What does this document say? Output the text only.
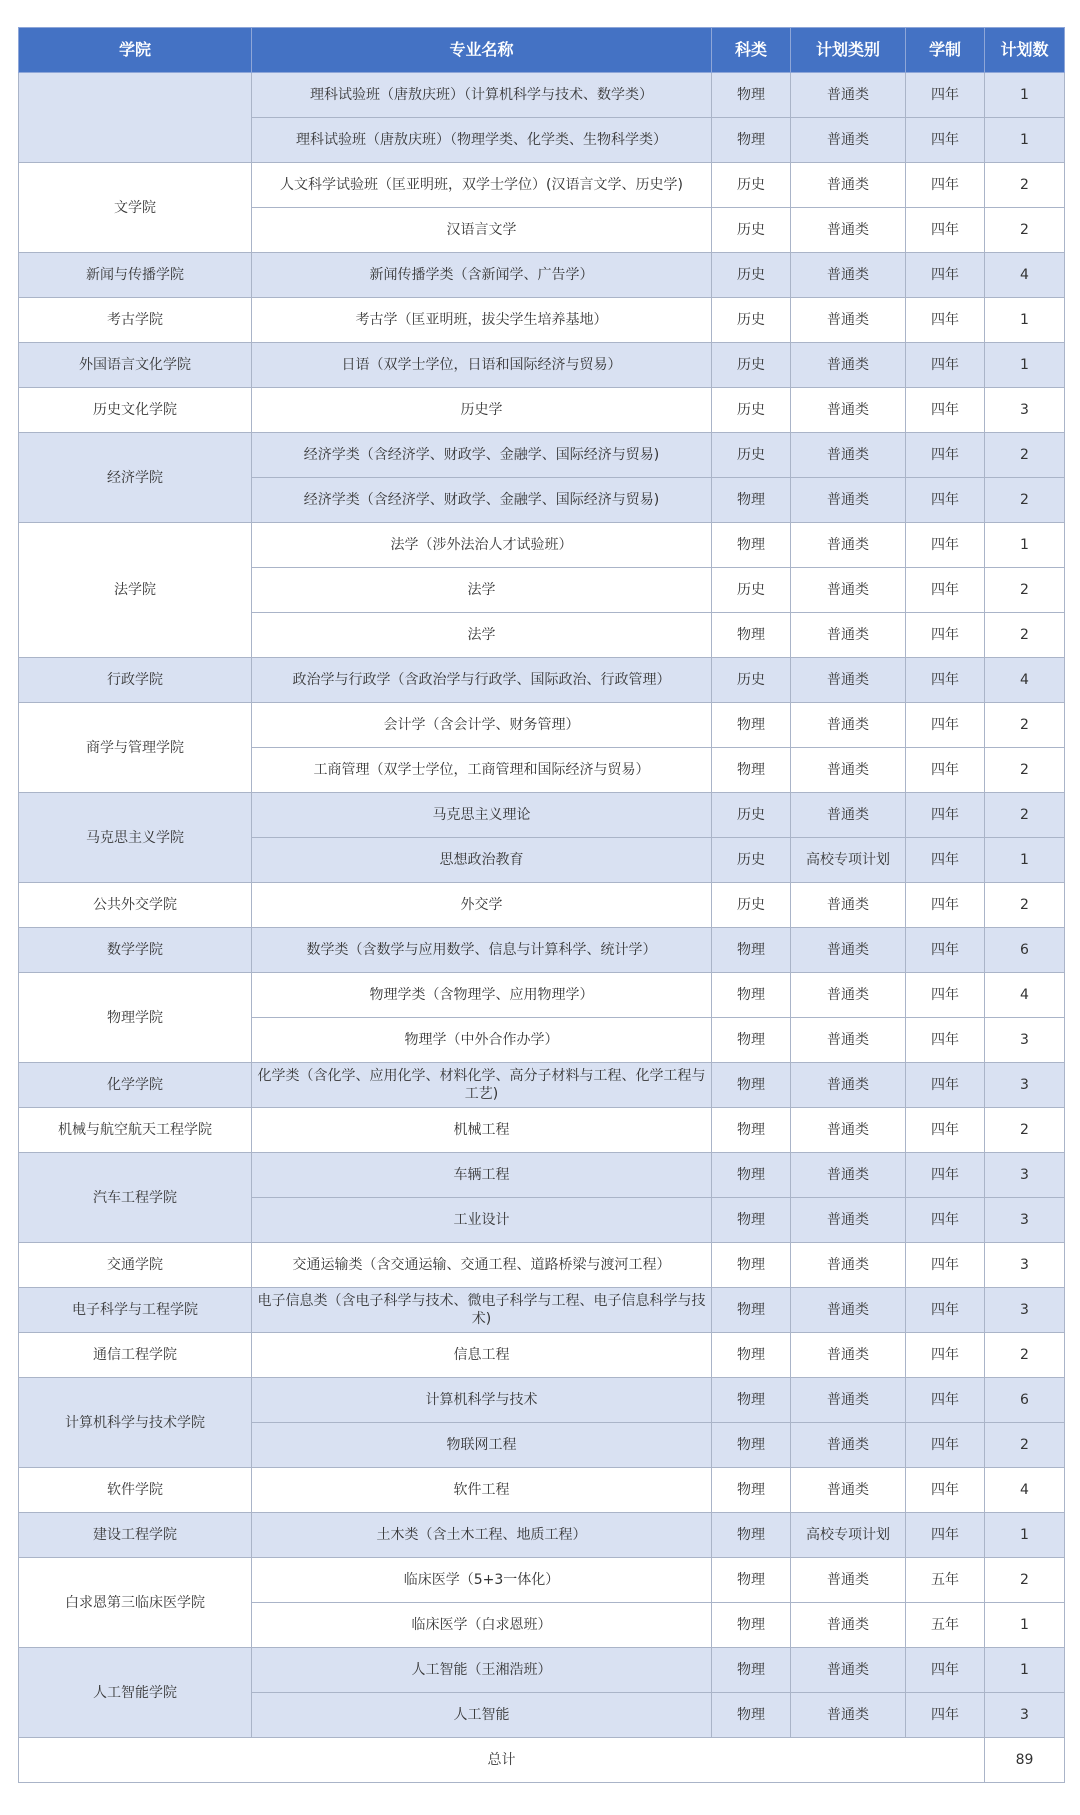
学院	专业名称	科类	计划类别	学制	计划数
	理科试验班（唐敖庆班）（计算机科学与技术、数学类）	物理	普通类	四年	1
	理科试验班（唐敖庆班）（物理学类、化学类、生物科学类）	物理	普通类	四年	1
文学院	人文科学试验班（匡亚明班，双学士学位）(汉语言文学、历史学)	历史	普通类	四年	2
	汉语言文学	历史	普通类	四年	2
新闻与传播学院	新闻传播学类（含新闻学、广告学）	历史	普通类	四年	4
考古学院	考古学（匡亚明班，拔尖学生培养基地）	历史	普通类	四年	1
外国语言文化学院	日语（双学士学位，日语和国际经济与贸易）	历史	普通类	四年	1
历史文化学院	历史学	历史	普通类	四年	3
经济学院	经济学类（含经济学、财政学、金融学、国际经济与贸易)	历史	普通类	四年	2
	经济学类（含经济学、财政学、金融学、国际经济与贸易)	物理	普通类	四年	2
法学院	法学（涉外法治人才试验班）	物理	普通类	四年	1
	法学	历史	普通类	四年	2
	法学	物理	普通类	四年	2
行政学院	政治学与行政学（含政治学与行政学、国际政治、行政管理）	历史	普通类	四年	4
商学与管理学院	会计学（含会计学、财务管理）	物理	普通类	四年	2
	工商管理（双学士学位，工商管理和国际经济与贸易）	物理	普通类	四年	2
马克思主义学院	马克思主义理论	历史	普通类	四年	2
	思想政治教育	历史	高校专项计划	四年	1
公共外交学院	外交学	历史	普通类	四年	2
数学学院	数学类（含数学与应用数学、信息与计算科学、统计学）	物理	普通类	四年	6
物理学院	物理学类（含物理学、应用物理学）	物理	普通类	四年	4
	物理学（中外合作办学）	物理	普通类	四年	3
化学学院	化学类（含化学、应用化学、材料化学、高分子材料与工程、化学工程与工艺)	物理	普通类	四年	3
机械与航空航天工程学院	机械工程	物理	普通类	四年	2
汽车工程学院	车辆工程	物理	普通类	四年	3
	工业设计	物理	普通类	四年	3
交通学院	交通运输类（含交通运输、交通工程、道路桥梁与渡河工程）	物理	普通类	四年	3
电子科学与工程学院	电子信息类（含电子科学与技术、微电子科学与工程、电子信息科学与技术)	物理	普通类	四年	3
通信工程学院	信息工程	物理	普通类	四年	2
计算机科学与技术学院	计算机科学与技术	物理	普通类	四年	6
	物联网工程	物理	普通类	四年	2
软件学院	软件工程	物理	普通类	四年	4
建设工程学院	土木类（含土木工程、地质工程）	物理	高校专项计划	四年	1
白求恩第三临床医学院	临床医学（5+3一体化）	物理	普通类	五年	2
	临床医学（白求恩班）	物理	普通类	五年	1
人工智能学院	人工智能（王湘浩班）	物理	普通类	四年	1
	人工智能	物理	普通类	四年	3
总计					89
